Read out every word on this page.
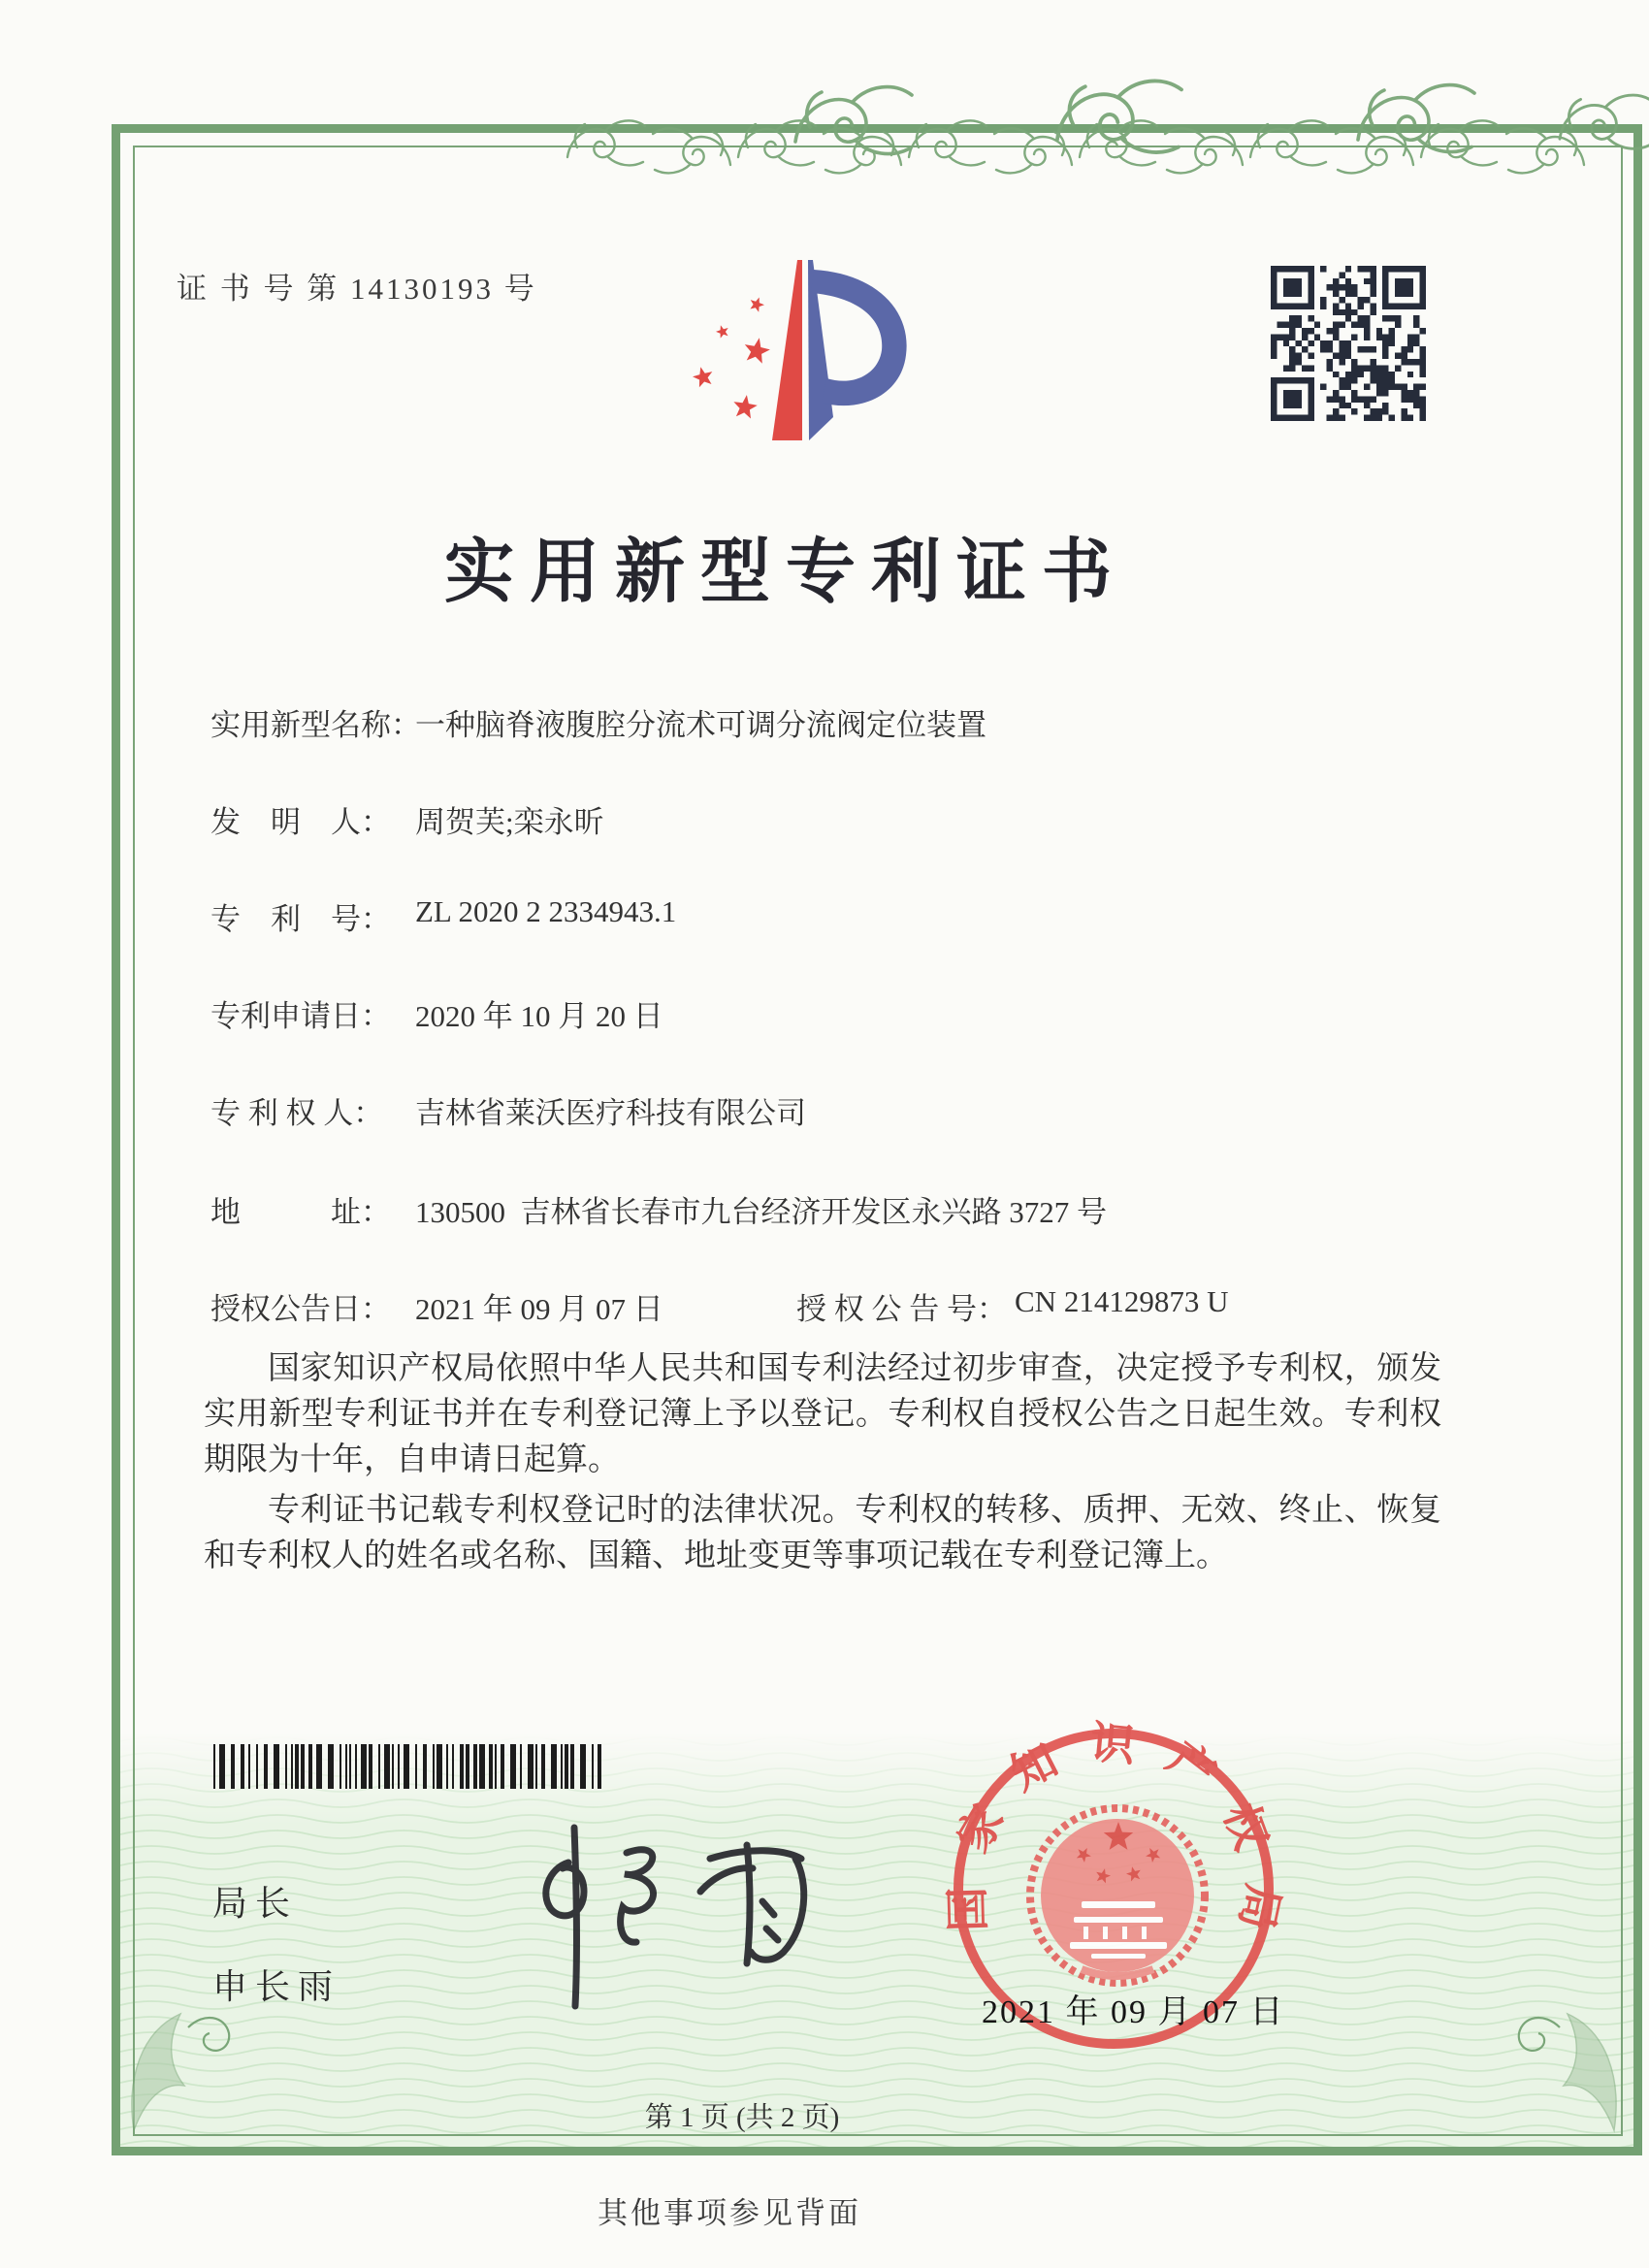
证 书 号 第 14130193 号
实用新型专利证书
实用新型名称：
一种脑脊液腹腔分流术可调分流阀定位装置
发　明　人： 周贺芙;栾永昕
专　利　号： ZL 2020 2 2334943.1
专利申请日： 2020 年 10 月 20 日
专 利 权 人： 吉林省莱沃医疗科技有限公司
地　　　址： 130500  吉林省长春市九台经济开发区永兴路 3727 号
授权公告日： 2021 年 09 月 07 日	授 权 公 告 号： CN 214129873 U
国家知识产权局依照中华人民共和国专利法经过初步审查，决定授予专利权，颁发实用新型专利证书并在专利登记簿上予以登记。专利权自授权公告之日起生效。专利权期限为十年，自申请日起算。
专利证书记载专利权登记时的法律状况。专利权的转移、质押、无效、终止、恢复和专利权人的姓名或名称、国籍、地址变更等事项记载在专利登记簿上。
局长
申长雨
国家知识产权局
2021 年 09 月 07 日
第 1 页 (共 2 页)
其他事项参见背面
